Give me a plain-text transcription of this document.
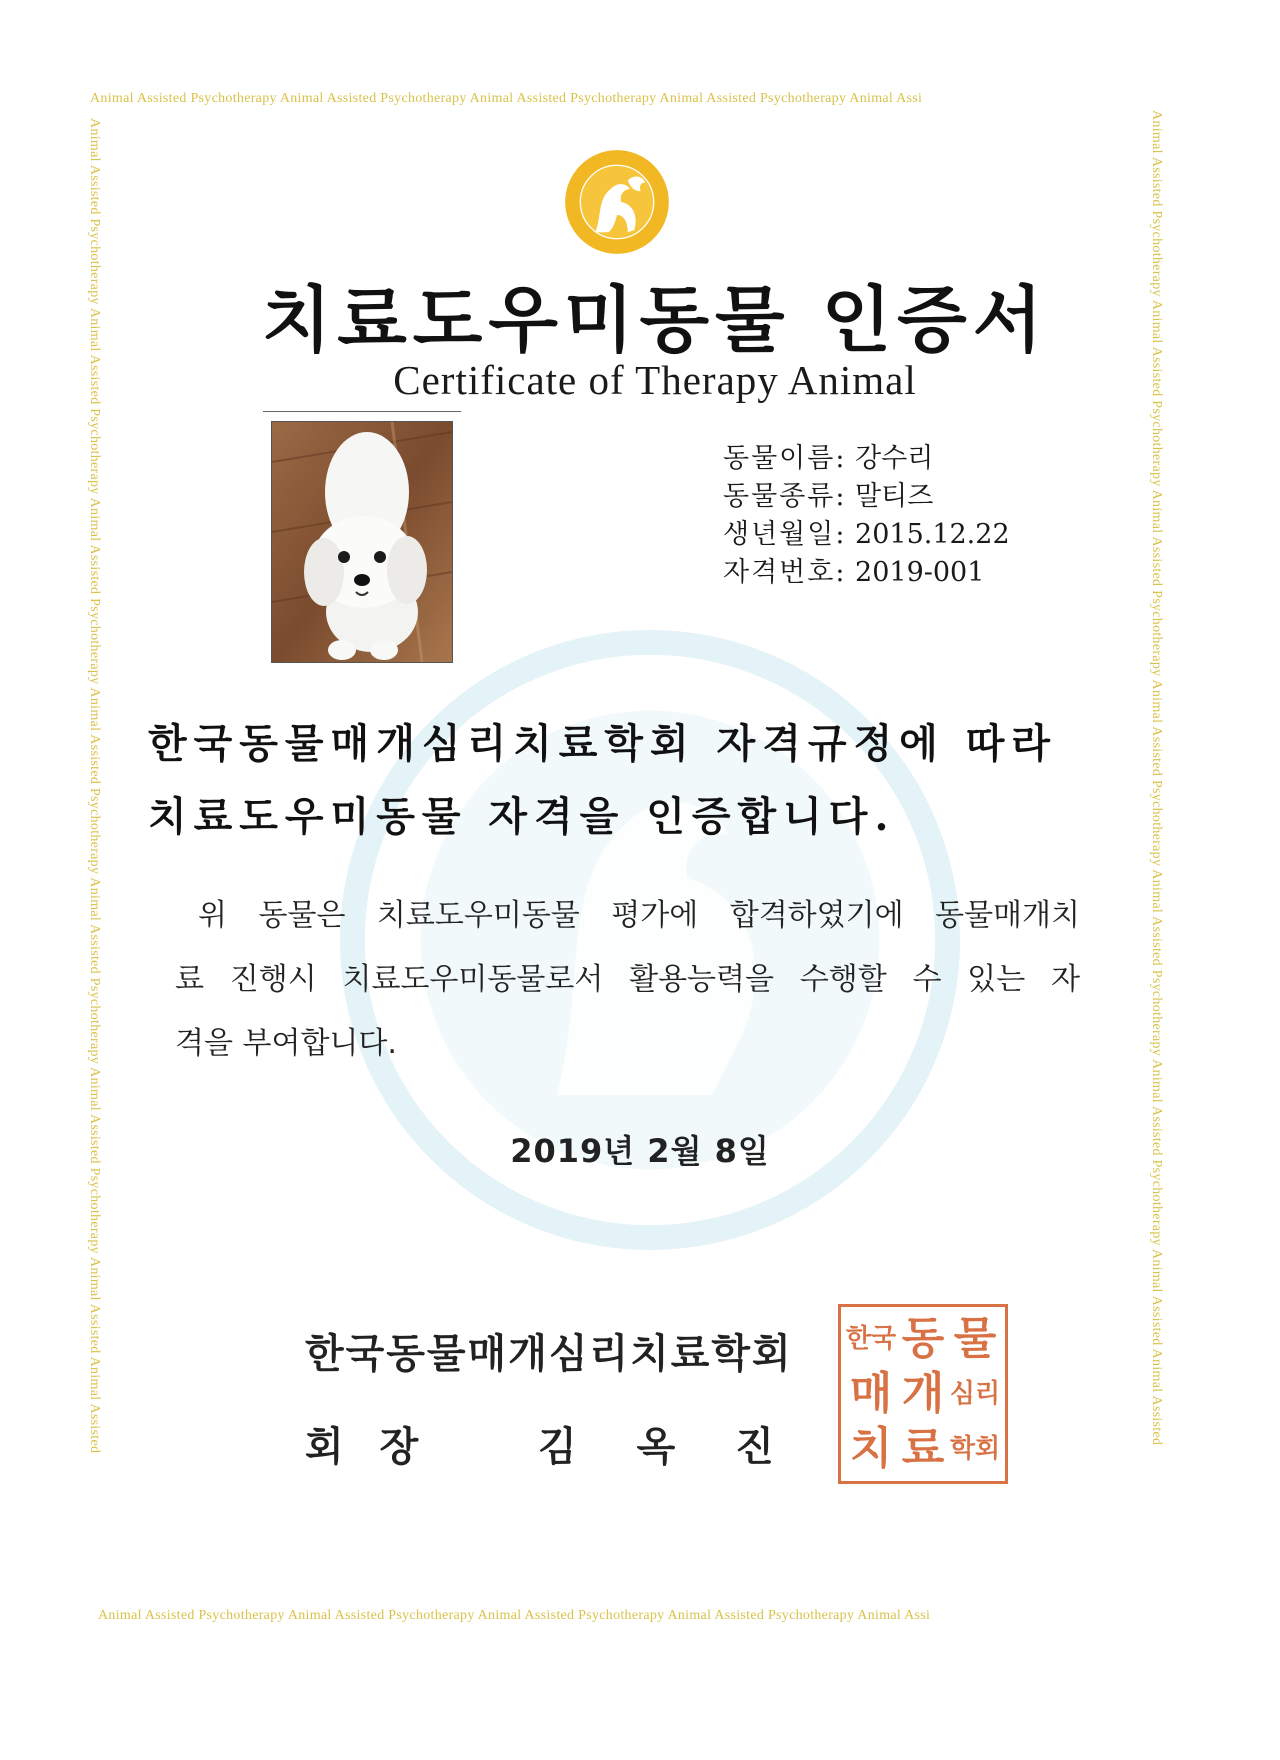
Animal Assisted Psychotherapy Animal Assisted Psychotherapy Animal Assisted Psychotherapy Animal Assisted Psychotherapy Animal Assi
Animal Assisted Psychotherapy Animal Assisted Psychotherapy Animal Assisted Psychotherapy Animal Assisted Psychotherapy Animal Assi
Animal Assisted Psychotherapy Animal Assisted Psychotherapy Animal Assisted Psychotherapy Animal Assisted Psychotherapy Animal Assisted Psychotherapy Animal Assisted Psychotherapy Animal Assisted Animal Assisted	Animal Assisted Psychotherapy Animal Assisted Psychotherapy Animal Assisted Psychotherapy Animal Assisted Psychotherapy Animal Assisted Psychotherapy Animal Assisted Psychotherapy Animal Assisted Animal Assisted
치료도우미동물 인증서
Certificate of Therapy Animal
동물이름: 강수리
동물종류: 말티즈
생년월일: 2015.12.22
자격번호: 2019-001
한국동물매개심리치료학회 자격규정에 따라
치료도우미동물 자격을 인증합니다.
위 동물은 치료도우미동물 평가에 합격하였기에 동물매개치
료 진행시 치료도우미동물로서 활용능력을 수행할 수 있는 자
격을 부여합니다.
2019년 2월 8일
한국동물매개심리치료학회
회장 김옥진
한국 동 물
매 개 심리
치 료 학회
